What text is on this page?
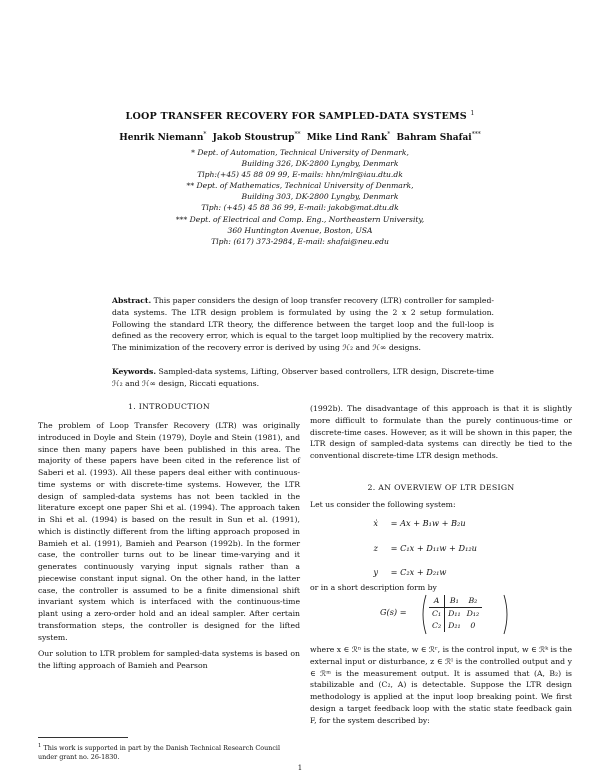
LOOP TRANSFER RECOVERY FOR SAMPLED-DATA SYSTEMS $^1$
Henrik Niemann* Jakob Stoustrup** Mike Lind Rank* Bahram Shafai***
* Dept. of Automation, Technical University of Denmark,
Building 326, DK-2800 Lyngby, Denmark
Tlph:(+45) 45 88 09 99, E-mails: hhn/mlr@iau.dtu.dk
** Dept. of Mathematics, Technical University of Denmark,
Building 303, DK-2800 Lyngby, Denmark
Tlph: (+45) 45 88 36 99, E-mail: jakob@mat.dtu.dk
*** Dept. of Electrical and Comp. Eng., Northeastern University,
360 Huntington Avenue, Boston, USA
Tlph: (617) 373-2984, E-mail: shafai@neu.edu
Abstract. This paper considers the design of loop transfer recovery (LTR) controller for sampled-data systems. The LTR design problem is formulated by using the 2 x 2 setup formulation. Following the standard LTR theory, the difference between the target loop and the full-loop is defined as the recovery error, which is equal to the target loop multiplied by the recovery matrix. The minimization of the recovery error is derived by using ℋ₂ and ℋ∞ designs.
Keywords. Sampled-data systems, Lifting, Observer based controllers, LTR design, Discrete-time ℋ₂ and ℋ∞ design, Riccati equations.
1. INTRODUCTION

The problem of Loop Transfer Recovery (LTR) was originally introduced in Doyle and Stein (1979), Doyle and Stein (1981), and since then many papers have been published in this area. The majority of these papers have been cited in the reference list of Saberi et al. (1993). All these papers deal either with continuous-time systems or with discrete-time systems. However, the LTR design of sampled-data systems has not been tackled in the literature except one paper Shi et al. (1994). The approach taken in Shi et al. (1994) is based on the result in Sun et al. (1991), which is distinctly different from the lifting approach proposed in Bamieh et al. (1991), Bamieh and Pearson (1992b). In the former case, the controller turns out to be linear time-varying and it generates continuously varying input signals rather than a piecewise constant input signal. On the other hand, in the latter case, the controller is assumed to be a finite dimensional shift invariant system which is interfaced with the continuous-time plant using a zero-order hold and an ideal sampler. After certain transformation steps, the controller is designed for the lifted system.

Our solution to LTR problem for sampled-data systems is based on the lifting approach of Bamieh and Pearson

(1992b). The disadvantage of this approach is that it is slightly more difficult to formulate than the purely continuous-time or discrete-time cases. However, as it will be shown in this paper, the LTR design of sampled-data systems can directly be tied to the conventional discrete-time LTR design methods.
2. AN OVERVIEW OF LTR DESIGN
Let us consider the following system:
ẋ = Ax + B₁w + B₂u
z = C₁x + D₁₁w + D₁₂u
y = C₂x + D₂₁w
or in a short description form by
G(s) =
A	B₁	B₂
C₁	D₁₁	D₁₂
C₂	D₂₁	0
where x ∈ ℛⁿ is the state, w ∈ ℛʳ, is the control input, w ∈ ℛᵏ is the external input or disturbance, z ∈ ℛˡ is the controlled output and y ∈ ℛᵐ is the measurement output. It is assumed that (A, B₂) is stabilizable and (C₂, A) is detectable. Suppose the LTR design methodology is applied at the input loop breaking point. We first design a target feedback loop with the static state feedback gain F, for the system described by:
$^1$ This work is supported in part by the Danish Technical Research Council under grant no. 26-1830.
1
